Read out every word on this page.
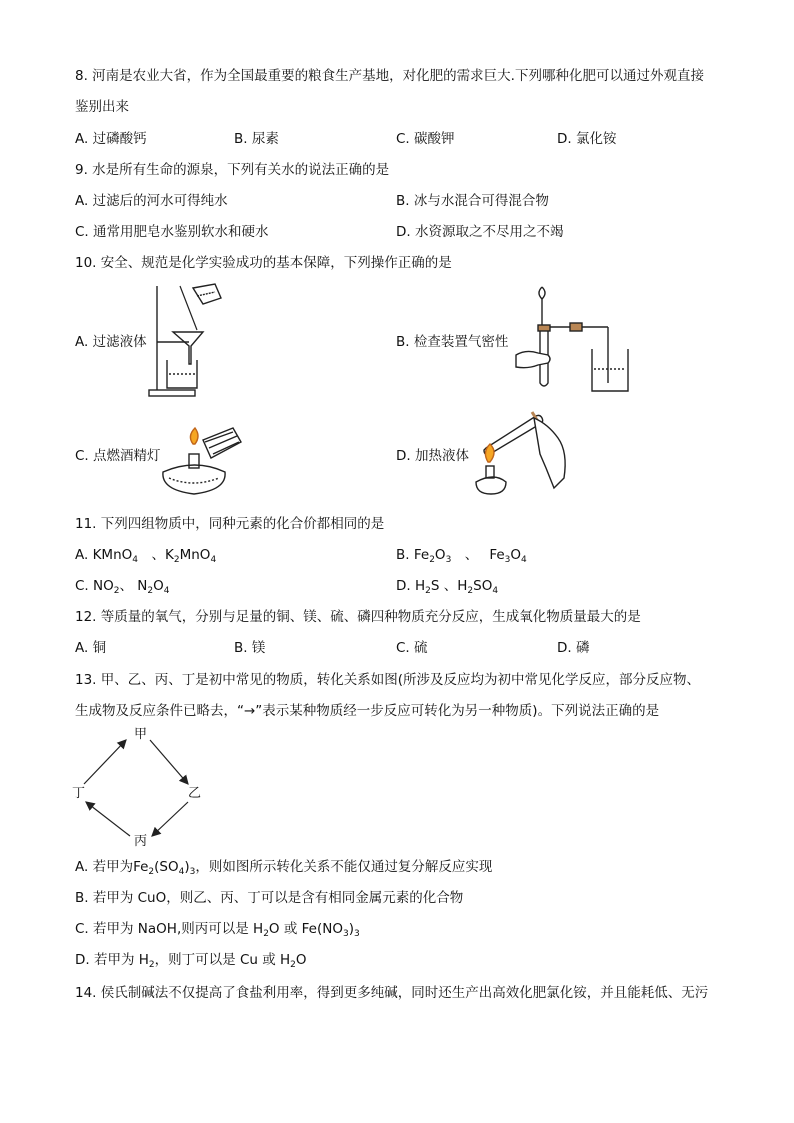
8. 河南是农业大省，作为全国最重要的粮食生产基地，对化肥的需求巨大.下列哪种化肥可以通过外观直接
鉴别出来
A. 过磷酸钙	B. 尿素	C. 碳酸钾	D. 氯化铵
9. 水是所有生命的源泉，下列有关水的说法正确的是
A. 过滤后的河水可得纯水	B. 冰与水混合可得混合物
C. 通常用肥皂水鉴别软水和硬水	D. 水资源取之不尽用之不竭
10. 安全、规范是化学实验成功的基本保障，下列操作正确的是
A. 过滤液体	B. 检查装置气密性
C. 点燃酒精灯	D. 加热液体
11. 下列四组物质中，同种元素的化合价都相同的是
A. KMnO$_4$　、$K_2MnO_4$	B. $Fe_2O_3$　、　 $Fe_3O_4$
C. $NO_2$、 $N_2O_4$	D. $H_2S$ 、$H_2SO_4$
12. 等质量的氧气，分别与足量的铜、镁、硫、磷四种物质充分反应，生成氧化物质量最大的是
A. 铜	B. 镁	C. 硫	D. 磷
13. 甲、乙、丙、丁是初中常见的物质，转化关系如图(所涉及反应均为初中常见化学反应，部分反应物、
生成物及反应条件已略去，“→”表示某种物质经一步反应可转化为另一种物质)。下列说法正确的是
甲
乙
丙
丁
A. 若甲为$Fe_2(SO_4)_3$，则如图所示转化关系不能仅通过复分解反应实现
B. 若甲为 CuO，则乙、丙、丁可以是含有相同金属元素的化合物
C. 若甲为 NaOH,则丙可以是 $H_2O$ 或 $Fe(NO_3)_3$
D. 若甲为 $H_2$，则丁可以是 Cu 或 $H_2O$
14. 侯氏制碱法不仅提高了食盐利用率，得到更多纯碱，同时还生产出高效化肥氯化铵，并且能耗低、无污
